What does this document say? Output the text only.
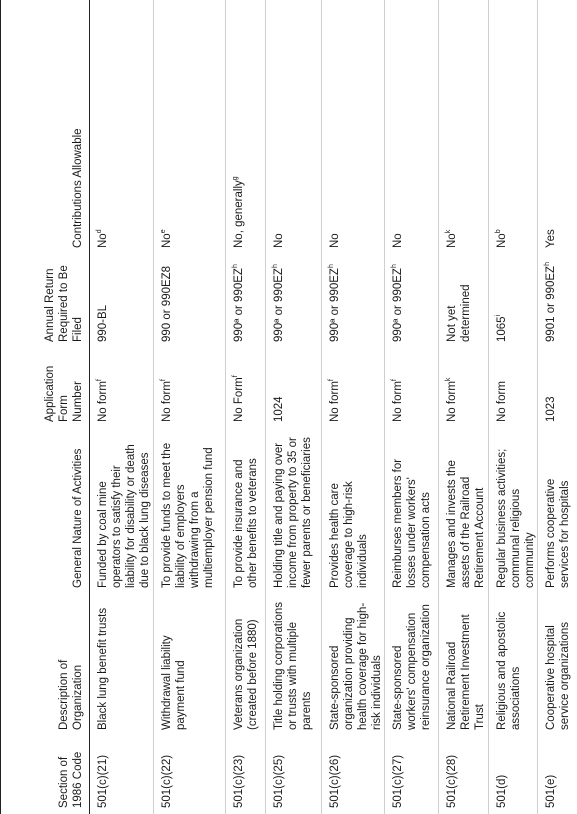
Section of 1986 Code	Description of Organization	General Nature of Activities	Application Form Number	Annual Return Required to Be Filed	Contributions Allowable
501(c)(21)	Black lung benefit trusts	Funded by coal mine operators to satisfy their liability for disability or death due to black lung diseases	No form$^f$	990-BL	No$^d$
501(c)(22)	Withdrawal liability payment fund	To provide funds to meet the liability of employers withdrawing from a multiemployer pension fund	No form$^f$	990 or 990EZ8	No$^e$
501(c)(23)	Veterans organization (created before 1880)	To provide insurance and other benefits to veterans	No Form$^f$	990ª or $990EZ^h$	No, generally$^g$
501(c)(25)	Title holding corporations or trusts with multiple parents	Holding title and paying over income from property to 35 or fewer parents or beneficiaries	1024	990ª or $990EZ^h$	No
501(c)(26)	State-sponsored organization providing health coverage for high-risk individuals	Provides health care coverage to high-risk individuals	No form$^f$	990ª or $990EZ^h$	No
501(c)(27)	State-sponsored workers' compensation reinsurance organization	Reimburses members for losses under workers' compensation acts	No form$^f$	990ª or $990EZ^h$	No
501(c)(28)	National Railroad Retirement Investment Trust	Manages and invests the assets of the Railroad Retirement Account	No form$^k$	Not yet determined	No$^k$
501(d)	Religious and apostolic associations	Regular business activities; communal religious community	No form	1065$^i$	No$^b$
501(e)	Cooperative hospital service organizations	Performs cooperative services for hospitals	1023	9901 or $990EZ^h$	Yes
